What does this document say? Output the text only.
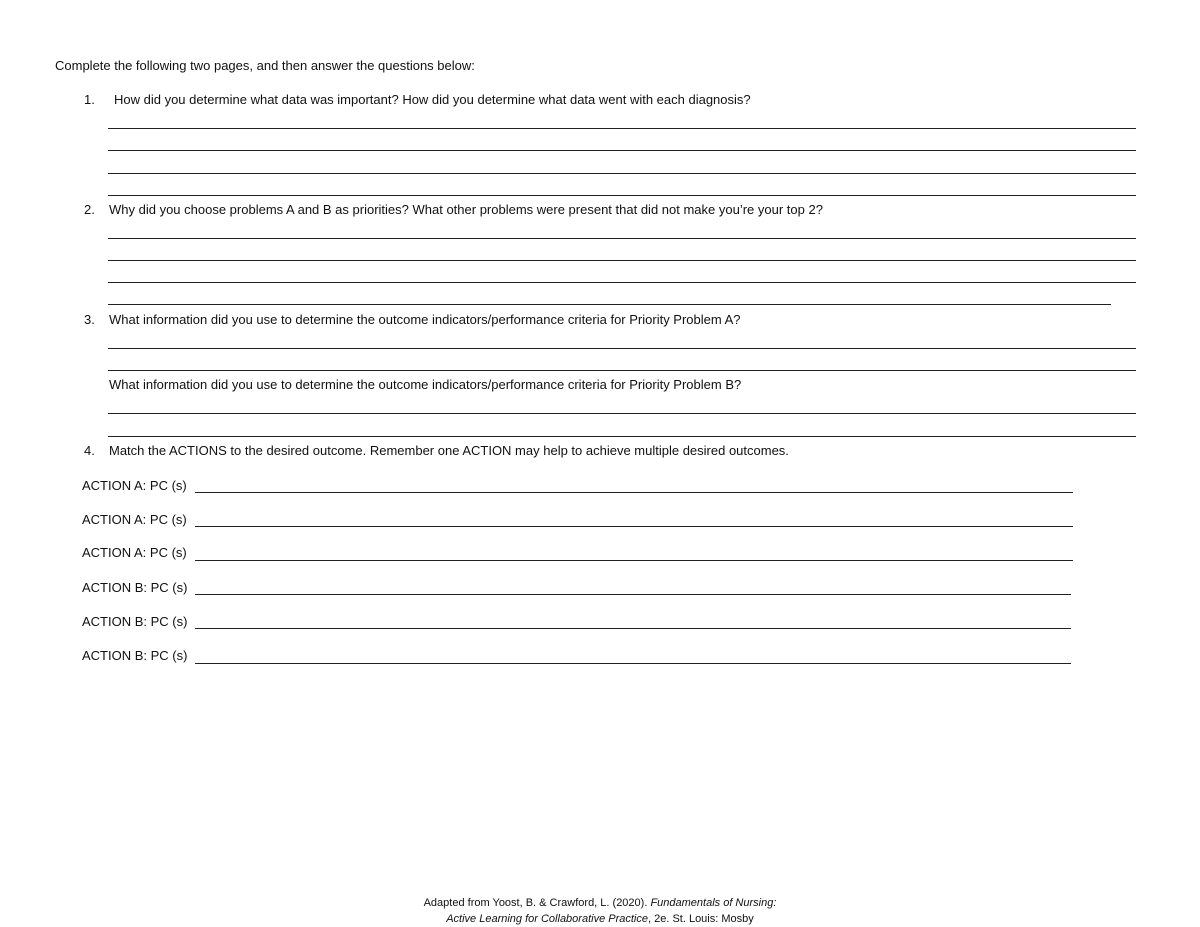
Complete the following two pages, and then answer the questions below:
1. How did you determine what data was important? How did you determine what data went with each diagnosis?
2. Why did you choose problems A and B as priorities? What other problems were present that did not make you’re your top 2?
3. What information did you use to determine the outcome indicators/performance criteria for Priority Problem A?
What information did you use to determine the outcome indicators/performance criteria for Priority Problem B?
4. Match the ACTIONS to the desired outcome. Remember one ACTION may help to achieve multiple desired outcomes.
ACTION A: PC (s)
ACTION A: PC (s)
ACTION A: PC (s)
ACTION B: PC (s)
ACTION B: PC (s)
ACTION B: PC (s)
Adapted from Yoost, B. & Crawford, L. (2020). Fundamentals of Nursing:
Active Learning for Collaborative Practice, 2e. St. Louis: Mosby
